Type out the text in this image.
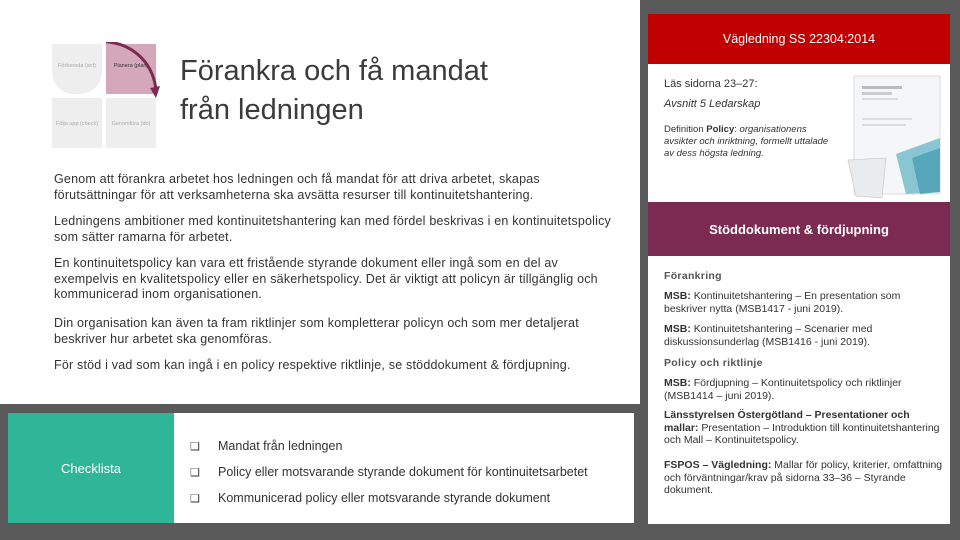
Förbereda (act)	Planera (plan)
Följa upp (check) Genomföra (do)
Förankra och få mandat
från ledningen
Genom att förankra arbetet hos ledningen och få mandat för att driva arbetet, skapas förutsättningar för att verksamheterna ska avsätta resurser till kontinuitetshantering.
Ledningens ambitioner med kontinuitetshantering kan med fördel beskrivas i en kontinuitetspolicy som sätter ramarna för arbetet.
En kontinuitetspolicy kan vara ett fristående styrande dokument eller ingå som en del av exempelvis en kvalitetspolicy eller en säkerhetspolicy. Det är viktigt att policyn är tillgänglig och kommunicerad inom organisationen.
Din organisation kan även ta fram riktlinjer som kompletterar policyn och som mer detaljerat beskriver hur arbetet ska genomföras.
För stöd i vad som kan ingå i en policy respektive riktlinje, se stöddokument & fördjupning.
Checklista
❑	Mandat från ledningen
❑	Policy eller motsvarande styrande dokument för kontinuitetsarbetet
❑	Kommunicerad policy eller motsvarande styrande dokument
Vägledning SS 22304:2014
Läs sidorna 23–27:
Avsnitt 5 Ledarskap
Definition Policy: organisationens avsikter och inriktning, formellt uttalade av dess högsta ledning.
Stöddokument & fördjupning
Förankring
MSB: Kontinuitetshantering – En presentation som beskriver nytta (MSB1417 - juni 2019).
MSB: Kontinuitetshantering – Scenarier med diskussionsunderlag (MSB1416 - juni 2019).
Policy och riktlinje
MSB: Fördjupning – Kontinuitetspolicy och riktlinjer (MSB1414 – juni 2019).
Länsstyrelsen Östergötland – Presentationer och mallar: Presentation – Introduktion till kontinuitetshantering och Mall – Kontinuitetspolicy.
FSPOS – Vägledning: Mallar för policy, kriterier, omfattning och förväntningar/krav på sidorna 33–36 – Styrande dokument.
